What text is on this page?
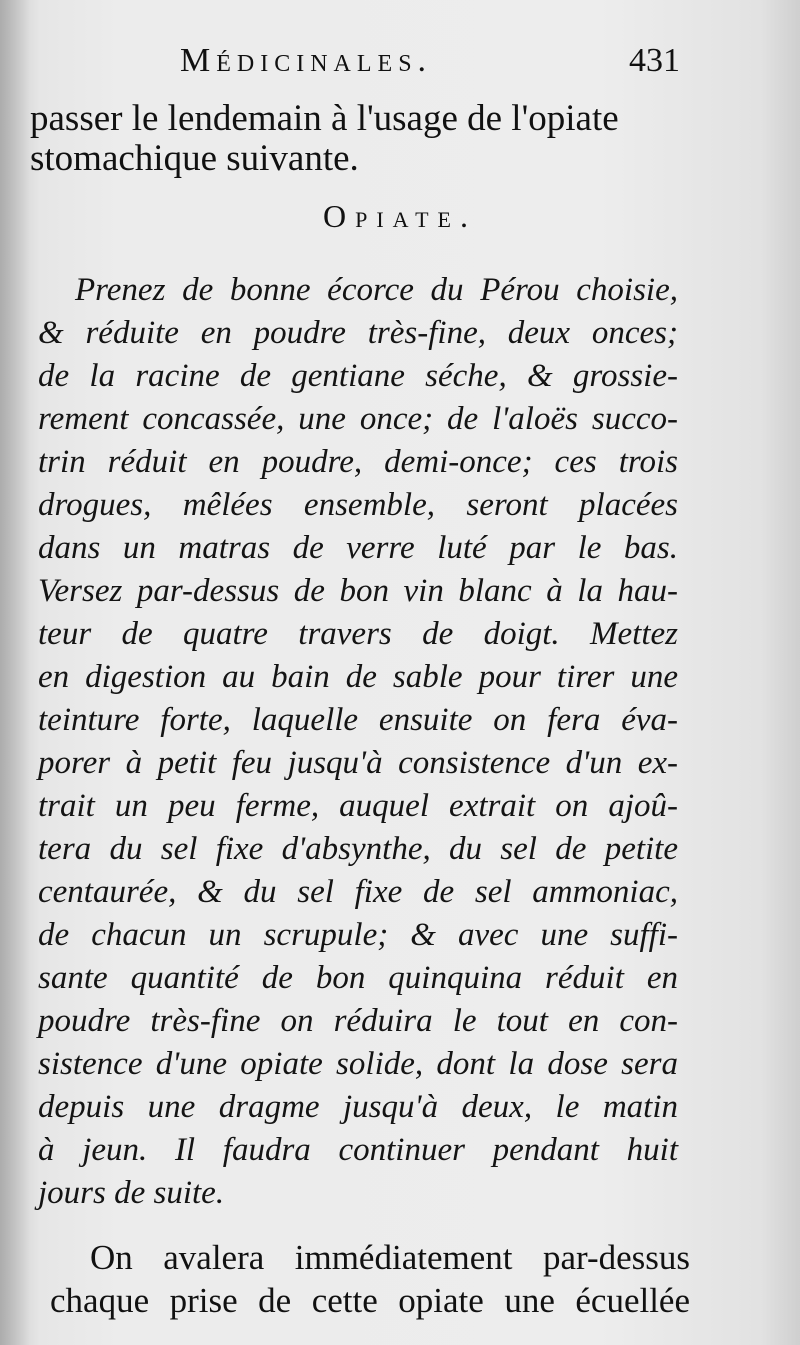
Médicinales.	431
passer le lendemain à l'usage de l'opiate
stomachique suivante.
Opiate.
Prenez de bonne écorce du Pérou choisie,
& réduite en poudre très-fine, deux onces;
de la racine de gentiane séche, & grossie-
rement concassée, une once; de l'aloës succo-
trin réduit en poudre, demi-once; ces trois
drogues, mêlées ensemble, seront placées
dans un matras de verre luté par le bas.
Versez par-dessus de bon vin blanc à la hau-
teur de quatre travers de doigt. Mettez
en digestion au bain de sable pour tirer une
teinture forte, laquelle ensuite on fera éva-
porer à petit feu jusqu'à consistence d'un ex-
trait un peu ferme, auquel extrait on ajoû-
tera du sel fixe d'absynthe, du sel de petite
centaurée, & du sel fixe de sel ammoniac,
de chacun un scrupule; & avec une suffi-
sante quantité de bon quinquina réduit en
poudre très-fine on réduira le tout en con-
sistence d'une opiate solide, dont la dose sera
depuis une dragme jusqu'à deux, le matin
à jeun. Il faudra continuer pendant huit
jours de suite.
On avalera immédiatement par-dessus
chaque prise de cette opiate une écuellée
